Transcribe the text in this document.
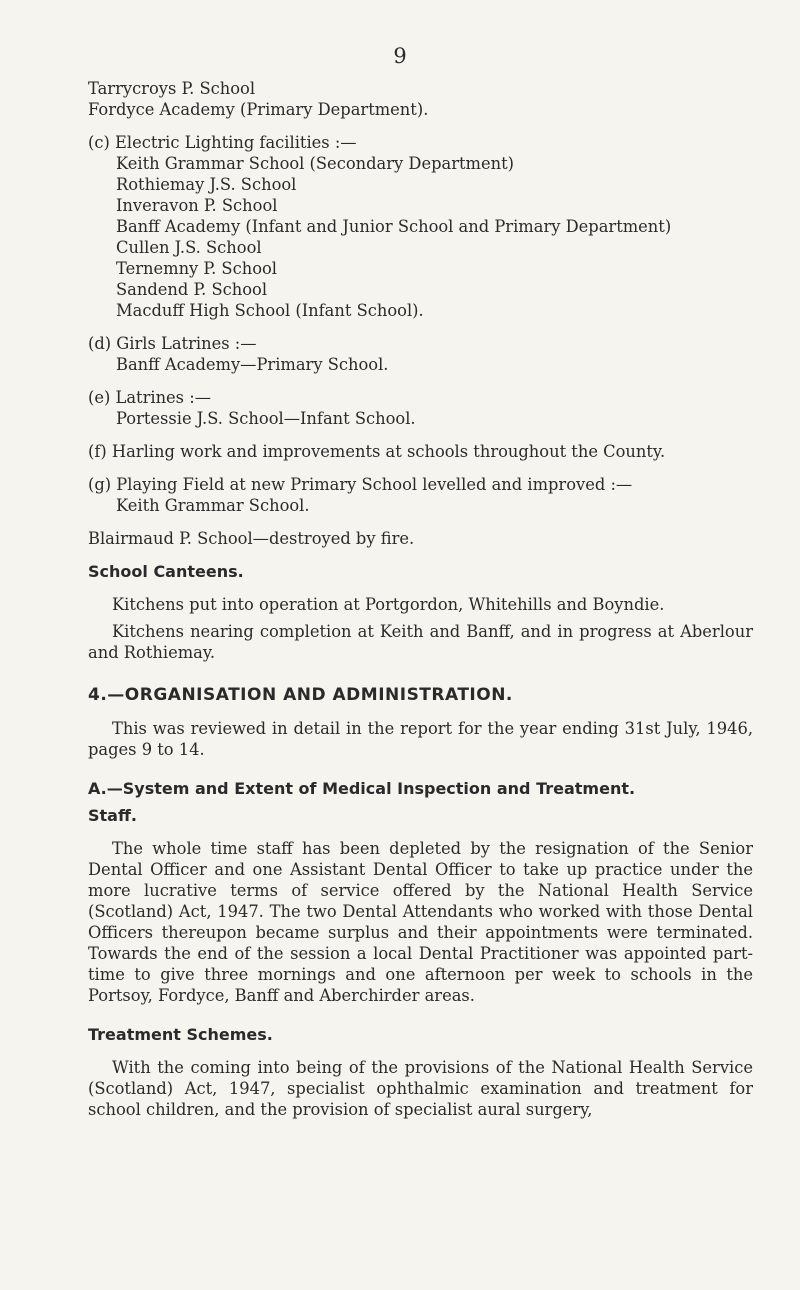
9
Tarrycroys P. School
Fordyce Academy (Primary Department).
(c) Electric Lighting facilities :—
Keith Grammar School (Secondary Department)
Rothiemay J.S. School
Inveravon P. School
Banff Academy (Infant and Junior School and Primary Department)
Cullen J.S. School
Ternemny P. School
Sandend P. School
Macduff High School (Infant School).
(d) Girls Latrines :—
Banff Academy—Primary School.
(e) Latrines :—
Portessie J.S. School—Infant School.
(f) Harling work and improvements at schools throughout the County.
(g) Playing Field at new Primary School levelled and improved :—
Keith Grammar School.
Blairmaud P. School—destroyed by fire.
School Canteens.
Kitchens put into operation at Portgordon, Whitehills and Boyndie.
Kitchens nearing completion at Keith and Banff, and in progress at Aberlour and Rothiemay.
4.—ORGANISATION AND ADMINISTRATION.
This was reviewed in detail in the report for the year ending 31st July, 1946, pages 9 to 14.
A.—System and Extent of Medical Inspection and Treatment.
Staff.
The whole time staff has been depleted by the resignation of the Senior Dental Officer and one Assistant Dental Officer to take up practice under the more lucrative terms of service offered by the National Health Service (Scotland) Act, 1947. The two Dental Attendants who worked with those Dental Officers thereupon became surplus and their appointments were terminated. Towards the end of the session a local Dental Practitioner was appointed part-time to give three mornings and one afternoon per week to schools in the Portsoy, Fordyce, Banff and Aberchirder areas.
Treatment Schemes.
With the coming into being of the provisions of the National Health Service (Scotland) Act, 1947, specialist ophthalmic examination and treatment for school children, and the provision of specialist aural surgery,
